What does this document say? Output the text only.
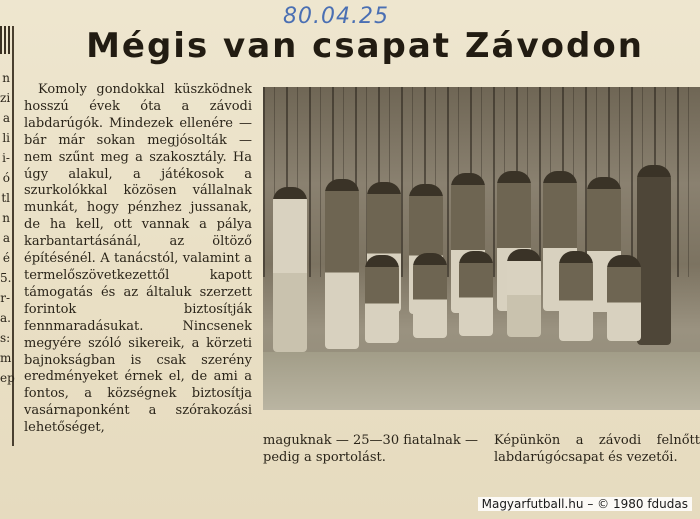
n
zi
a
li
i-
ó
tl
n
a
é
5.
r-
a.
s:
m
ep
80.04.25
Mégis van csapat Závodon

Komoly gondokkal küszködnek hosszú évek óta a závodi labdarúgók. Mindezek ellenére — bár már sokan megjósolták — nem szűnt meg a szakosztály. Ha úgy alakul, a játékosok a szurkolókkal közösen vállalnak munkát, hogy pénzhez jussanak, de ha kell, ott vannak a pálya karbantartásánál, az öltöző építésénél. A tanácstól, valamint a termelőszövetkezettől kapott támogatás és az általuk szerzett forintok biztosítják fennmaradásukat. Nincsenek megyére szóló sikereik, a körzeti bajnokságban is csak szerény eredményeket érnek el, de ami a fontos, a községnek biztosítja vasárnaponként a szórakozási lehetőséget,

maguknak — 25—30 fiatalnak — pedig a sportolást.
Képünkön a závodi felnőtt labdarúgócsapat és vezetői.
Magyarfutball.hu – © 1980 fdudas
